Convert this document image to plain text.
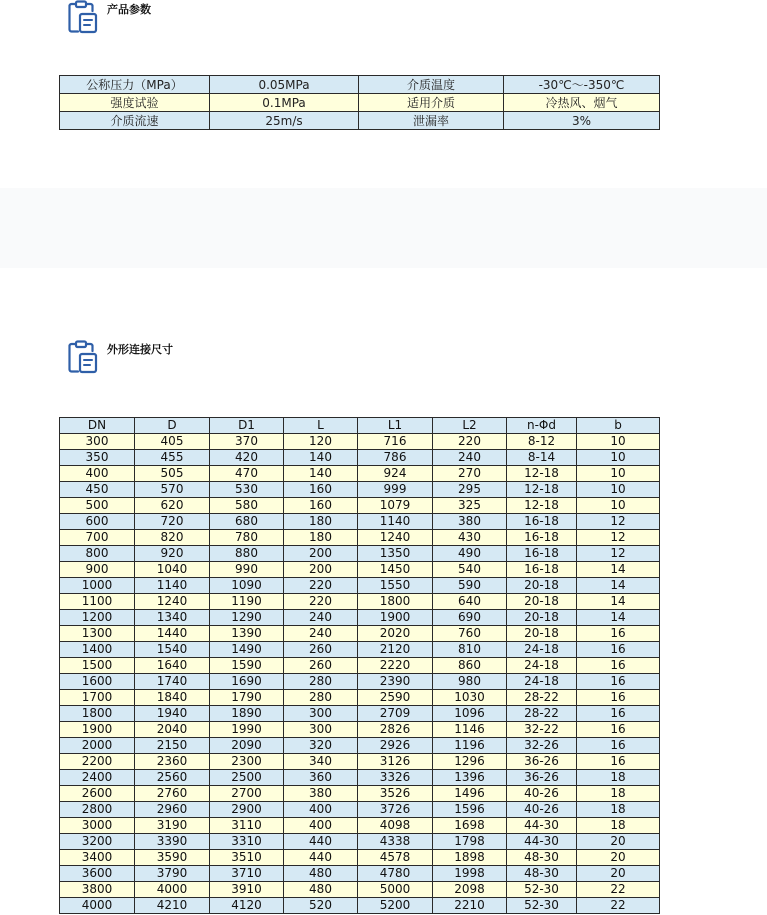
产品参数
公称压力（MPa）	0.05MPa	介质温度	-30℃～-350℃
强度试验	0.1MPa	适用介质	冷热风、烟气
介质流速	25m/s	泄漏率	3%
外形连接尺寸
DN	D	D1	L	L1	L2	n-Φd	b
300	405	370	120	716	220	8-12	10
350	455	420	140	786	240	8-14	10
400	505	470	140	924	270	12-18	10
450	570	530	160	999	295	12-18	10
500	620	580	160	1079	325	12-18	10
600	720	680	180	1140	380	16-18	12
700	820	780	180	1240	430	16-18	12
800	920	880	200	1350	490	16-18	12
900	1040	990	200	1450	540	16-18	14
1000	1140	1090	220	1550	590	20-18	14
1100	1240	1190	220	1800	640	20-18	14
1200	1340	1290	240	1900	690	20-18	14
1300	1440	1390	240	2020	760	20-18	16
1400	1540	1490	260	2120	810	24-18	16
1500	1640	1590	260	2220	860	24-18	16
1600	1740	1690	280	2390	980	24-18	16
1700	1840	1790	280	2590	1030	28-22	16
1800	1940	1890	300	2709	1096	28-22	16
1900	2040	1990	300	2826	1146	32-22	16
2000	2150	2090	320	2926	1196	32-26	16
2200	2360	2300	340	3126	1296	36-26	16
2400	2560	2500	360	3326	1396	36-26	18
2600	2760	2700	380	3526	1496	40-26	18
2800	2960	2900	400	3726	1596	40-26	18
3000	3190	3110	400	4098	1698	44-30	18
3200	3390	3310	440	4338	1798	44-30	20
3400	3590	3510	440	4578	1898	48-30	20
3600	3790	3710	480	4780	1998	48-30	20
3800	4000	3910	480	5000	2098	52-30	22
4000	4210	4120	520	5200	2210	52-30	22
